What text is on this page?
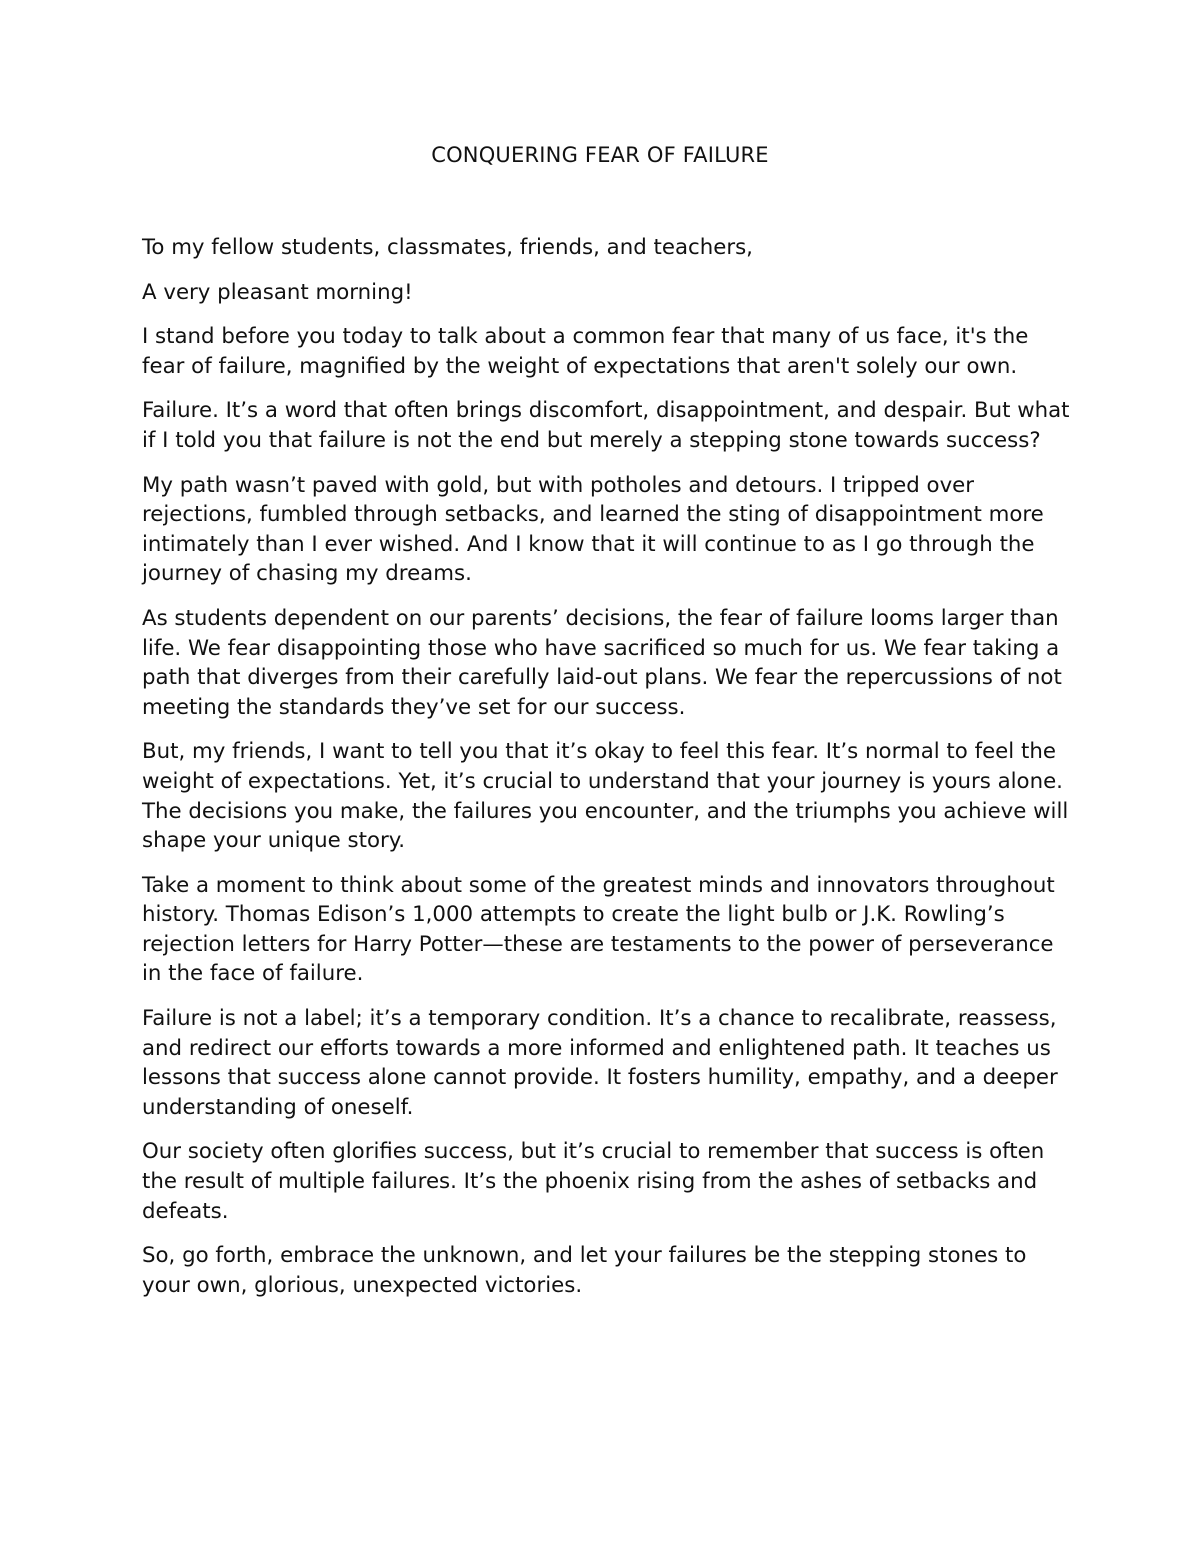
CONQUERING FEAR OF FAILURE

To my fellow students, classmates, friends, and teachers,

A very pleasant morning!

I stand before you today to talk about a common fear that many of us face, it's the fear of failure, magnified by the weight of expectations that aren't solely our own.

Failure. It’s a word that often brings discomfort, disappointment, and despair. But what if I told you that failure is not the end but merely a stepping stone towards success?

My path wasn’t paved with gold, but with potholes and detours. I tripped over rejections, fumbled through setbacks, and learned the sting of disappointment more intimately than I ever wished. And I know that it will continue to as I go through the journey of chasing my dreams.

As students dependent on our parents’ decisions, the fear of failure looms larger than life. We fear disappointing those who have sacrificed so much for us. We fear taking a path that diverges from their carefully laid-out plans. We fear the repercussions of not meeting the standards they’ve set for our success.

But, my friends, I want to tell you that it’s okay to feel this fear. It’s normal to feel the weight of expectations. Yet, it’s crucial to understand that your journey is yours alone. The decisions you make, the failures you encounter, and the triumphs you achieve will shape your unique story.

Take a moment to think about some of the greatest minds and innovators throughout history. Thomas Edison’s 1,000 attempts to create the light bulb or J.K. Rowling’s rejection letters for Harry Potter—these are testaments to the power of perseverance in the face of failure.

Failure is not a label; it’s a temporary condition. It’s a chance to recalibrate, reassess, and redirect our efforts towards a more informed and enlightened path. It teaches us lessons that success alone cannot provide. It fosters humility, empathy, and a deeper understanding of oneself.

Our society often glorifies success, but it’s crucial to remember that success is often the result of multiple failures. It’s the phoenix rising from the ashes of setbacks and defeats.

So, go forth, embrace the unknown, and let your failures be the stepping stones to your own, glorious, unexpected victories.
